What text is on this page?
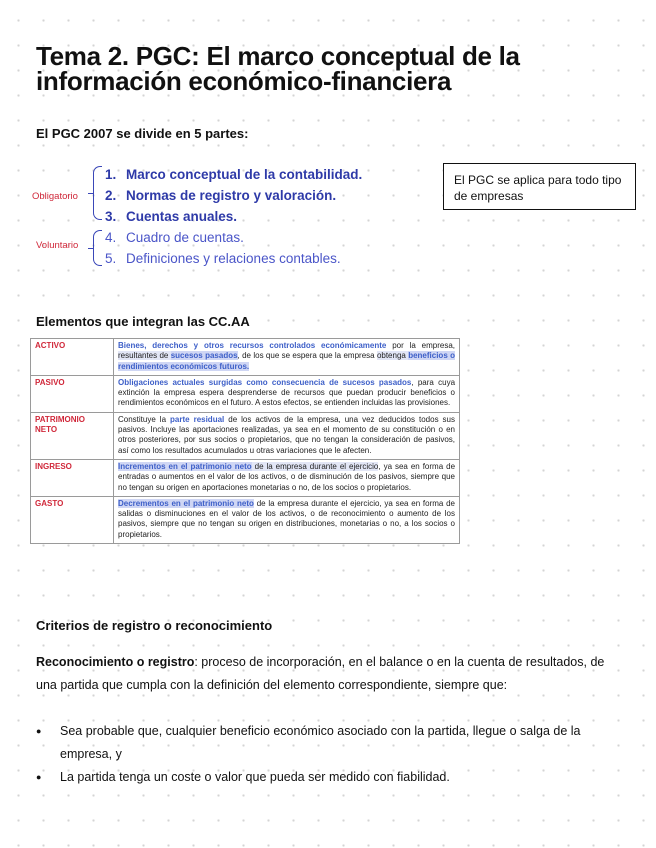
Tema 2. PGC: El marco conceptual de la
información económico-financiera
El PGC 2007 se divide en 5 partes:
Obligatorio
1. Marco conceptual de la contabilidad.
2. Normas de registro y valoración.
3. Cuentas anuales.
Voluntario
4. Cuadro de cuentas.
5. Definiciones y relaciones contables.
El PGC se aplica para todo tipo de empresas
Elementos que integran las CC.AA
ACTIVO	Bienes, derechos y otros recursos controlados económicamente por la empresa, resultantes de sucesos pasados, de los que se espera que la empresa obtenga beneficios o rendimientos económicos futuros.
PASIVO	Obligaciones actuales surgidas como consecuencia de sucesos pasados, para cuya extinción la empresa espera desprenderse de recursos que puedan producir beneficios o rendimientos económicos en el futuro. A estos efectos, se entienden incluidas las provisiones.
PATRIMONIO NETO	Constituye la parte residual de los activos de la empresa, una vez deducidos todos sus pasivos. Incluye las aportaciones realizadas, ya sea en el momento de su constitución o en otros posteriores, por sus socios o propietarios, que no tengan la consideración de pasivos, así como los resultados acumulados u otras variaciones que le afecten.
INGRESO	Incrementos en el patrimonio neto de la empresa durante el ejercicio, ya sea en forma de entradas o aumentos en el valor de los activos, o de disminución de los pasivos, siempre que no tengan su origen en aportaciones monetarias o no, de los socios o propietarios.
GASTO	Decrementos en el patrimonio neto de la empresa durante el ejercicio, ya sea en forma de salidas o disminuciones en el valor de los activos, o de reconocimiento o aumento de los pasivos, siempre que no tengan su origen en distribuciones, monetarias o no, a los socios o propietarios.
Criterios de registro o reconocimiento

Reconocimiento o registro: proceso de incorporación, en el balance o en la cuenta de resultados, de una partida que cumpla con la definición del elemento correspondiente, siempre que:

● Sea probable que, cualquier beneficio económico asociado con la partida, llegue o salga de la empresa, y
● La partida tenga un coste o valor que pueda ser medido con fiabilidad.
